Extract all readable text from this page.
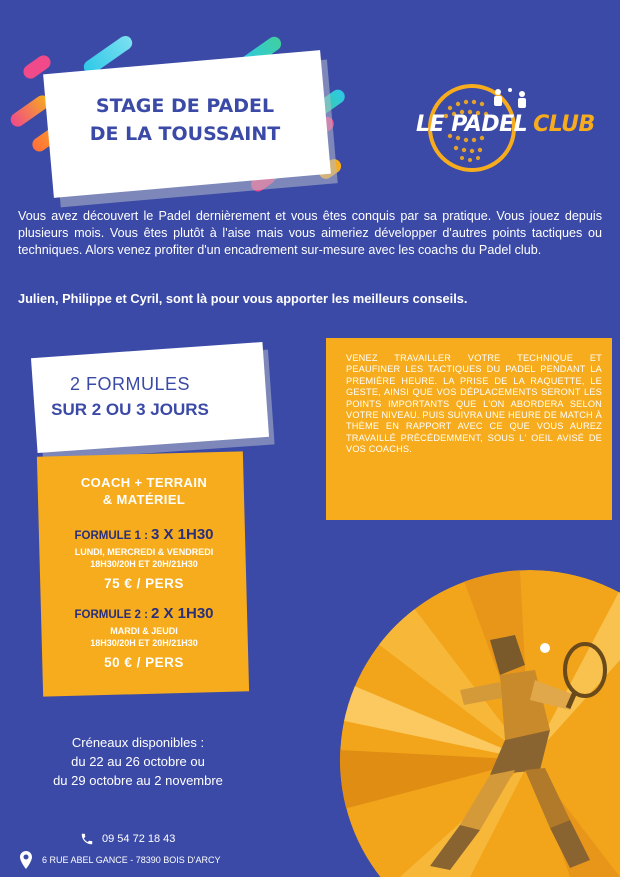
STAGE DE PADEL
DE LA TOUSSAINT	LE PADEL CLUB
Vous avez découvert le Padel dernièrement et vous êtes conquis par sa pratique. Vous jouez depuis plusieurs mois. Vous êtes plutôt à l'aise mais vous aimeriez développer d'autres points tactiques ou techniques. Alors venez profiter d'un encadrement sur-mesure avec les coachs du Padel club.
Julien, Philippe et Cyril, sont là pour vous apporter les meilleurs conseils.
2 FORMULES
SUR 2 OU 3 JOURS
COACH + TERRAIN
& MATÉRIEL
FORMULE 1 : 3 X 1H30
LUNDI, MERCREDI & VENDREDI
18H30/20H ET 20H/21H30
75 € / PERS
FORMULE 2 : 2 X 1H30
MARDI & JEUDI
18H30/20H ET 20H/21H30
50 € / PERS
VENEZ TRAVAILLER VOTRE TECHNIQUE ET PEAUFINER LES TACTIQUES DU PADEL PENDANT LA PREMIÈRE HEURE. LA PRISE DE LA RAQUETTE, LE GESTE, AINSI QUE VOS DÉPLACEMENTS SERONT LES POINTS IMPORTANTS QUE L'ON ABORDERA SELON VOTRE NIVEAU. PUIS SUIVRA UNE HEURE DE MATCH À THÈME EN RAPPORT AVEC CE QUE VOUS AUREZ TRAVAILLÉ PRÉCÉDEMMENT, SOUS L' OEIL AVISÉ DE VOS COACHS.
Créneaux disponibles :
du 22 au 26 octobre ou
du 29 octobre au 2 novembre
09 54 72 18 43
6 RUE ABEL GANCE - 78390 BOIS D'ARCY
